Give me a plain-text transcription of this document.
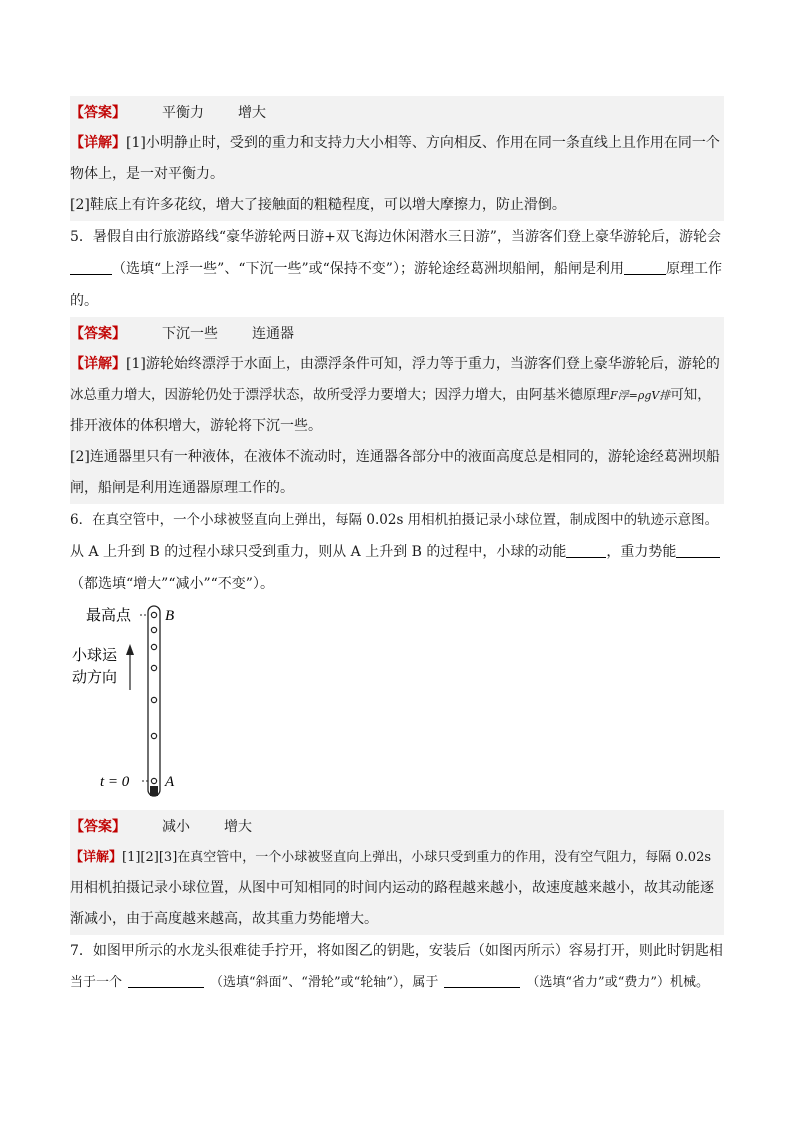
【答案】	平衡力 增大
【详解】[1]小明静止时，受到的重力和支持力大小相等、方向相反、作用在同一条直线上且作用在同一个
物体上，是一对平衡力。
[2]鞋底上有许多花纹，增大了接触面的粗糙程度，可以增大摩擦力，防止滑倒。
5．暑假自由行旅游路线“豪华游轮两日游+双飞海边休闲潜水三日游”，当游客们登上豪华游轮后，游轮会
（选填“上浮一些”、“下沉一些”或“保持不变”）；游轮途经葛洲坝船闸，船闸是利用	原理工作
的。
【答案】	下沉一些 连通器
【详解】[1]游轮始终漂浮于水面上，由漂浮条件可知，浮力等于重力，当游客们登上豪华游轮后，游轮的
冰总重力增大，因游轮仍处于漂浮状态，故所受浮力要增大；因浮力增大，由阿基米德原理F浮=ρgV排可知，
排开液体的体积增大，游轮将下沉一些。
[2]连通器里只有一种液体，在液体不流动时，连通器各部分中的液面高度总是相同的，游轮途经葛洲坝船
闸，船闸是利用连通器原理工作的。
6．在真空管中，一个小球被竖直向上弹出，每隔 0.02s 用相机拍摄记录小球位置，制成图中的轨迹示意图。
从 A 上升到 B 的过程小球只受到重力，则从 A 上升到 B 的过程中，小球的动能	，重力势能
（都选填“增大”“减小”“不变”）。
最高点 B
A
t = 0
小球运
动方向
【答案】	减小 增大
【详解】[1][2][3]在真空管中，一个小球被竖直向上弹出，小球只受到重力的作用，没有空气阻力，每隔 0.02s
用相机拍摄记录小球位置，从图中可知相同的时间内运动的路程越来越小，故速度越来越小，故其动能逐
渐减小，由于高度越来越高，故其重力势能增大。
7．如图甲所示的水龙头很难徒手拧开，将如图乙的钥匙，安装后（如图丙所示）容易打开，则此时钥匙相
当于一个	（选填“斜面”、“滑轮”或“轮轴”），属于	（选填“省力”或“费力”）机械。
